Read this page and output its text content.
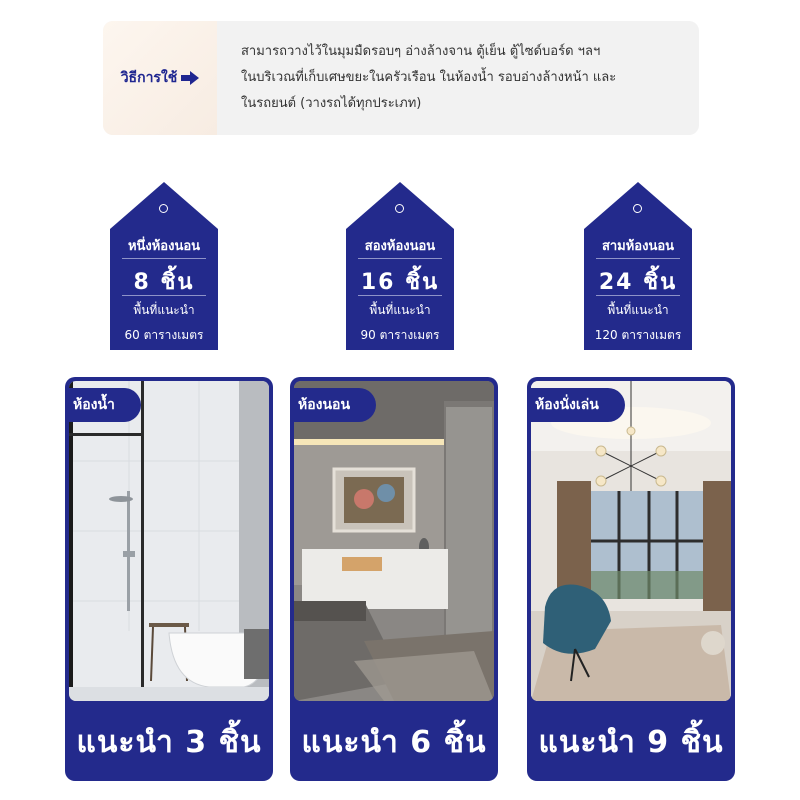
วิธีการใช้
สามารถวางไว้ในมุมมืดรอบๆ อ่างล้างจาน ตู้เย็น ตู้ไซด์บอร์ด ฯลฯ
ในบริเวณที่เก็บเศษขยะในครัวเรือน ในห้องน้ำ รอบอ่างล้างหน้า และ
ในรถยนต์ (วางรถได้ทุกประเภท)
หนึ่งห้องนอน
8 ชิ้น
พื้นที่แนะนำ
60 ตารางเมตร
สองห้องนอน
16 ชิ้น
พื้นที่แนะนำ
90 ตารางเมตร
สามห้องนอน
24 ชิ้น
พื้นที่แนะนำ
120 ตารางเมตร
ห้องน้ำ
แนะนำ 3 ชิ้น
ห้องนอน
แนะนำ 6 ชิ้น
ห้องนั่งเล่น
แนะนำ 9 ชิ้น
